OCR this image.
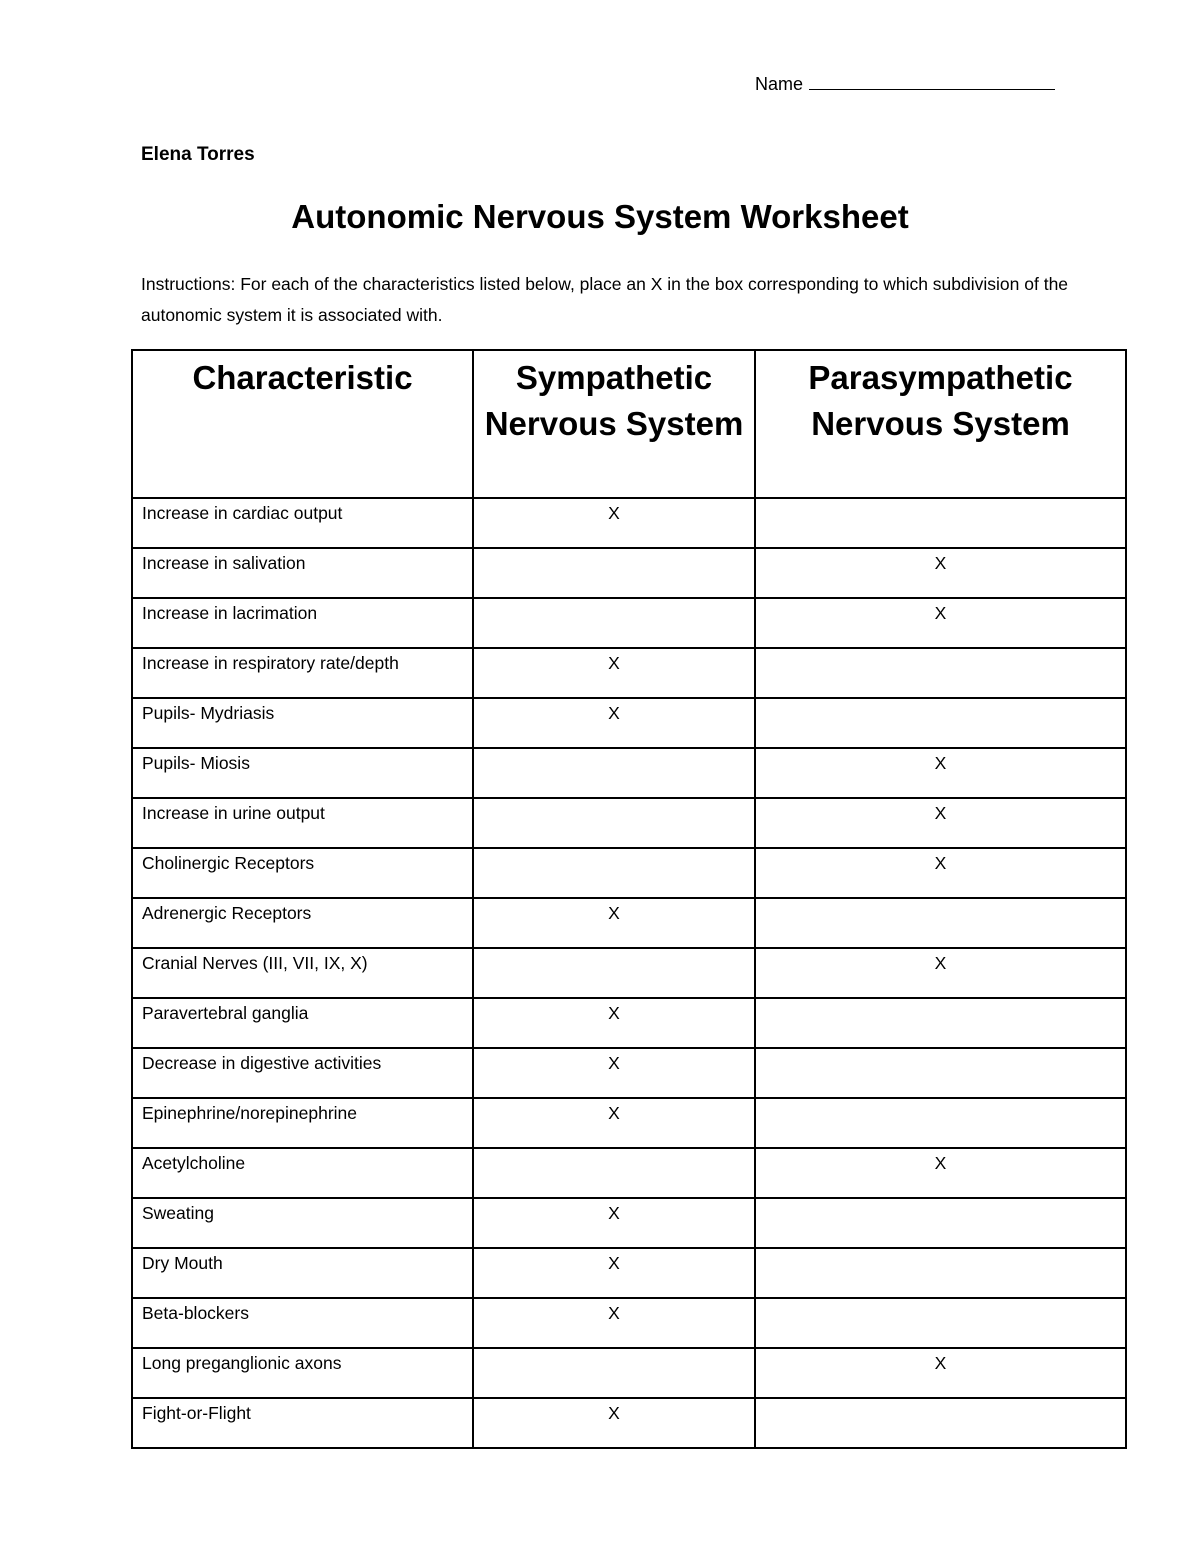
Name
Elena Torres
Autonomic Nervous System Worksheet
Instructions: For each of the characteristics listed below, place an X in the box corresponding to which subdivision of the autonomic system it is associated with.
Characteristic	Sympathetic Nervous System	Parasympathetic Nervous System
Increase in cardiac output	X	
Increase in salivation		X
Increase in lacrimation		X
Increase in respiratory rate/depth	X	
Pupils- Mydriasis	X	
Pupils- Miosis		X
Increase in urine output		X
Cholinergic Receptors		X
Adrenergic Receptors	X	
Cranial Nerves (III, VII, IX, X)		X
Paravertebral ganglia	X	
Decrease in digestive activities	X	
Epinephrine/norepinephrine	X	
Acetylcholine		X
Sweating	X	
Dry Mouth	X	
Beta-blockers	X	
Long preganglionic axons		X
Fight-or-Flight	X	
